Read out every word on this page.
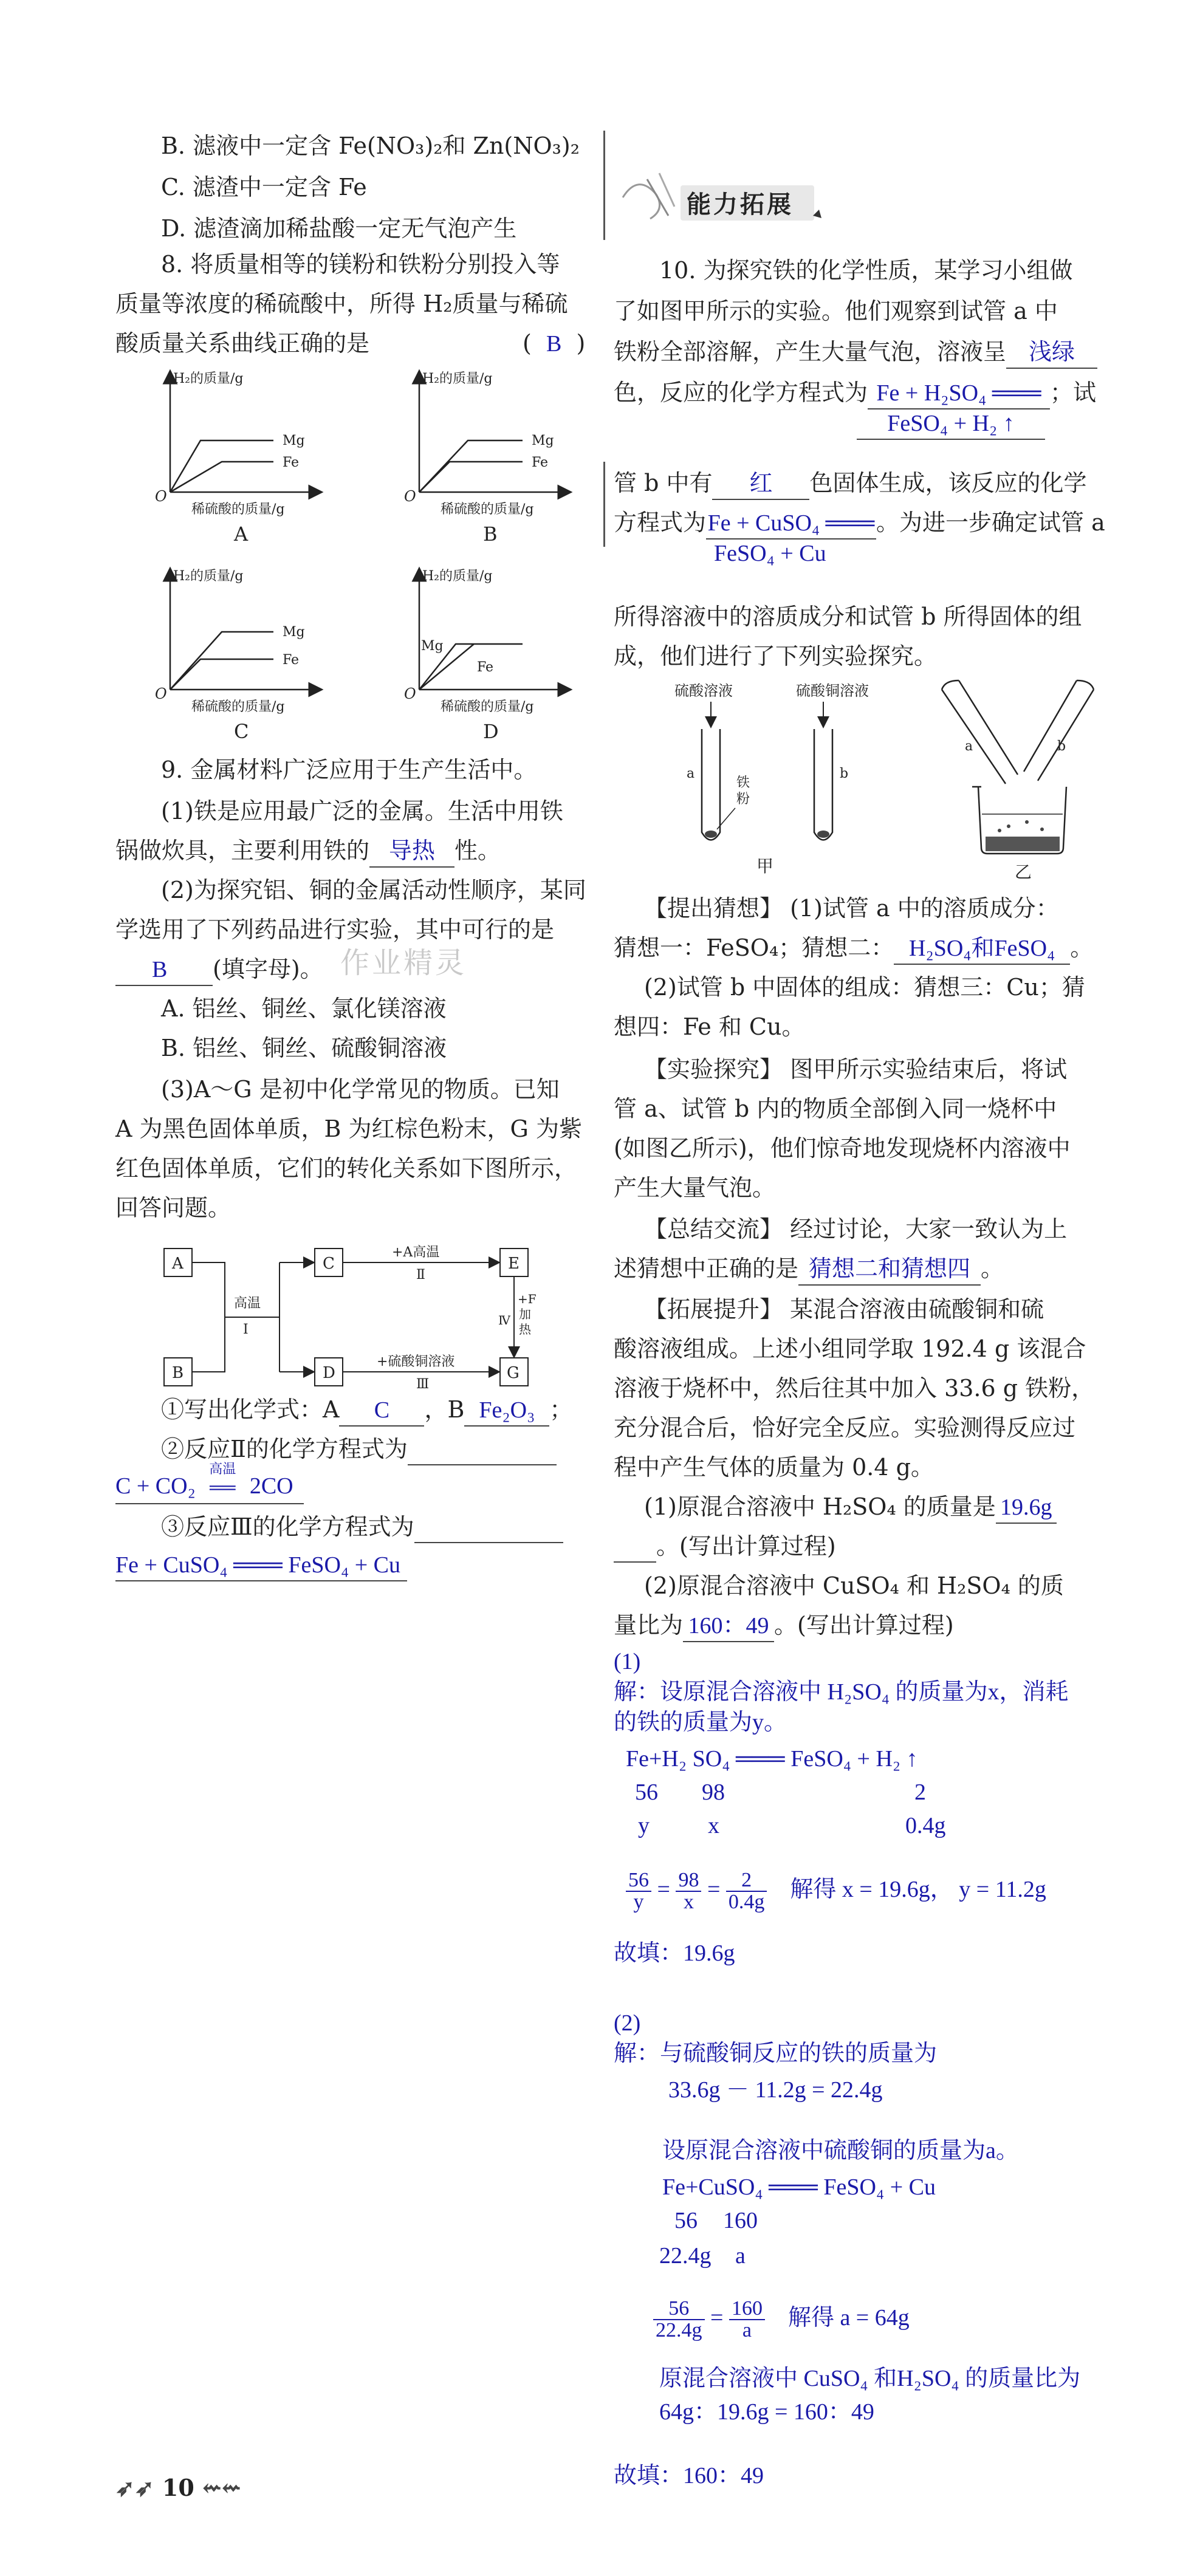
B. 滤液中一定含 Fe(NO₃)₂和 Zn(NO₃)₂
C. 滤渣中一定含 Fe
D. 滤渣滴加稀盐酸一定无气泡产生
8. 将质量相等的镁粉和铁粉分别投入等
质量等浓度的稀硫酸中，所得 H₂质量与稀硫
酸质量关系曲线正确的是	( B )
H₂的质量/g
O
稀硫酸的质量/g
Mg
Fe
A
H₂的质量/g
O
稀硫酸的质量/g
Mg
Fe
B
H₂的质量/g
O
稀硫酸的质量/g
Mg
Fe
C
H₂的质量/g
O
稀硫酸的质量/g
Mg
Fe
D
9. 金属材料广泛应用于生产生活中。
(1)铁是应用最广泛的金属。生活中用铁
锅做炊具，主要利用铁的 导热 性。
(2)为探究铝、铜的金属活动性顺序，某同
学选用了下列药品进行实验，其中可行的是
B (填字母)。 作业精灵
A. 铝丝、铜丝、氯化镁溶液
B. 铝丝、铜丝、硫酸铜溶液
(3)A～G 是初中化学常见的物质。已知
A 为黑色固体单质，B 为红棕色粉末，G 为紫
红色固体单质，它们的转化关系如下图所示，
回答问题。
A
B
高温
Ⅰ
C
D
+A高温
Ⅱ
+硫酸铜溶液
Ⅲ
E
G
Ⅳ
+F
加
热
①写出化学式：A C ，B Fe₂O₃ ；
②反应Ⅱ的化学方程式为
C + CO₂
高温
══ 2CO
③反应Ⅲ的化学方程式为
Fe + CuSO₄ ═══ FeSO₄ + Cu
➶➶ 10 ⇜⇜
能力拓展
10. 为探究铁的化学性质，某学习小组做
了如图甲所示的实验。他们观察到试管 a 中
铁粉全部溶解，产生大量气泡，溶液呈 浅绿
色，反应的化学方程式为 Fe + H₂SO₄ ═══ ；试
FeSO₄ + H₂ ↑
管 b 中有 红 色固体生成，该反应的化学
方程式为Fe + CuSO₄ ═══。为进一步确定试管 a
FeSO₄ + Cu
所得溶液中的溶质成分和试管 b 所得固体的组
成，他们进行了下列实验探究。
硫酸溶液	硫酸铜溶液
a	b
铁
粉
甲
a	b
乙
【提出猜想】 (1)试管 a 中的溶质成分：
猜想一：FeSO₄；猜想二： H₂SO₄和FeSO₄ 。
(2)试管 b 中固体的组成：猜想三：Cu；猜
想四：Fe 和 Cu。
【实验探究】 图甲所示实验结束后，将试
管 a、试管 b 内的物质全部倒入同一烧杯中
(如图乙所示)，他们惊奇地发现烧杯内溶液中
产生大量气泡。
【总结交流】 经过讨论，大家一致认为上
述猜想中正确的是 猜想二和猜想四 。
【拓展提升】 某混合溶液由硫酸铜和硫
酸溶液组成。上述小组同学取 192.4 g 该混合
溶液于烧杯中，然后往其中加入 33.6 g 铁粉，
充分混合后，恰好完全反应。实验测得反应过
程中产生气体的质量为 0.4 g。
(1)原混合溶液中 H₂SO₄ 的质量是 19.6g
。(写出计算过程)
(2)原混合溶液中 CuSO₄ 和 H₂SO₄ 的质
量比为 160：49 。(写出计算过程)
(1)
解：设原混合溶液中 H₂SO₄ 的质量为x，消耗
的铁的质量为y。
Fe+H₂ SO₄ ═══ FeSO₄ + H₂ ↑
56 98	2
y	x	0.4g
$\frac{56}{y} = \frac{98}{x} = \frac{2}{0.4g}$ 解得 x = 19.6g， y = 11.2g
故填：19.6g
(2)
解：与硫酸铜反应的铁的质量为
33.6g － 11.2g = 22.4g
设原混合溶液中硫酸铜的质量为a。
Fe+CuSO₄ ═══ FeSO₄ + Cu
56 160
22.4g a
$\frac{56}{22.4g} = \frac{160}{a}$ 解得 a = 64g
原混合溶液中 CuSO₄ 和H₂SO₄ 的质量比为
64g：19.6g = 160：49
故填：160：49
